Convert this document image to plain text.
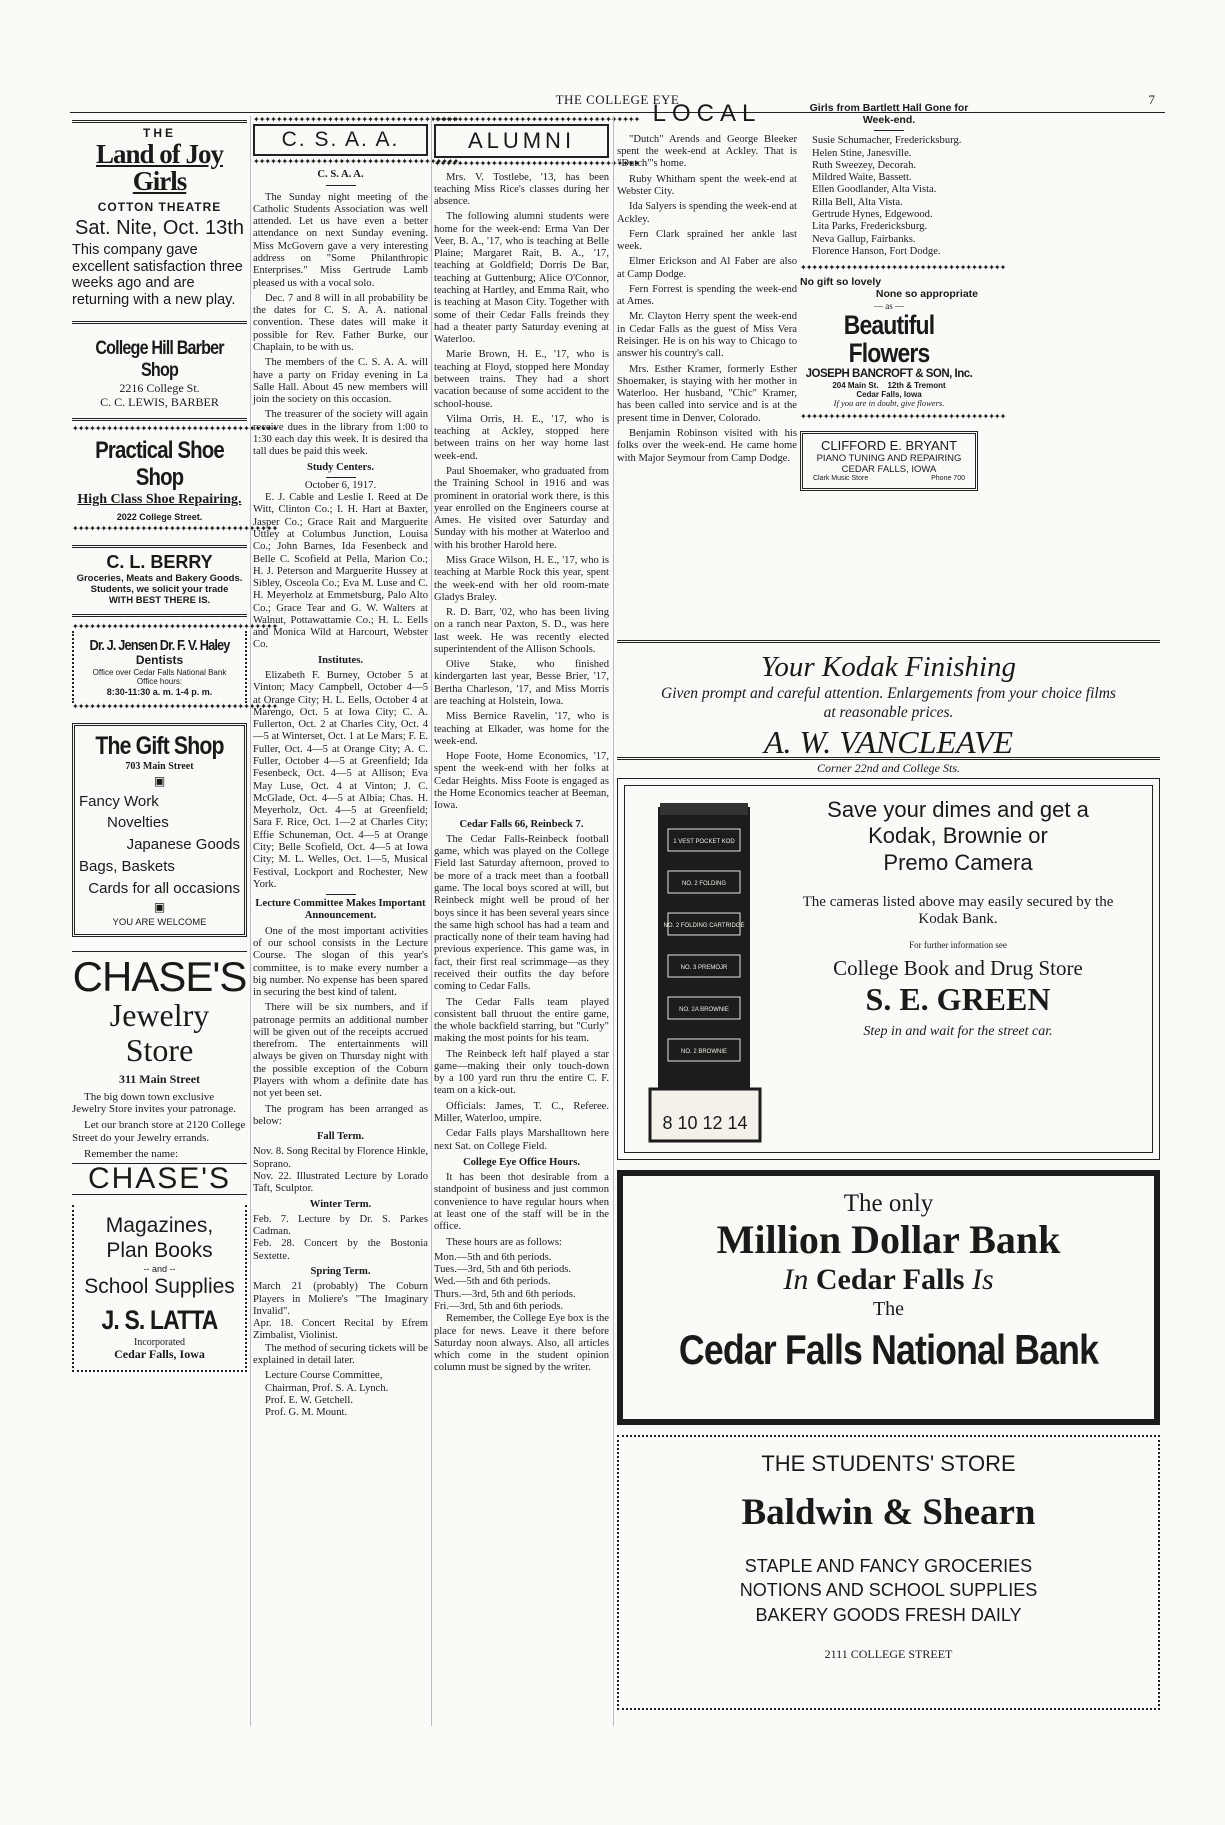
THE COLLEGE EYE	7
THE
Land of Joy Girls
COTTON THEATRE
Sat. Nite, Oct. 13th
This company gave excellent satisfaction three weeks ago and are returning with a new play.
College Hill Barber Shop
2216 College St.
C. C. LEWIS, BARBER
✦✦✦✦✦✦✦✦✦✦✦✦✦✦✦✦✦✦✦✦✦✦✦✦✦✦✦✦✦✦✦✦✦✦✦✦
Practical Shoe Shop
High Class Shoe Repairing.
2022 College Street.
✦✦✦✦✦✦✦✦✦✦✦✦✦✦✦✦✦✦✦✦✦✦✦✦✦✦✦✦✦✦✦✦✦✦✦✦
C. L. BERRY
Groceries, Meats and Bakery Goods. Students, we solicit your trade
WITH BEST THERE IS.
✦✦✦✦✦✦✦✦✦✦✦✦✦✦✦✦✦✦✦✦✦✦✦✦✦✦✦✦✦✦✦✦✦✦✦✦
Dr. J. Jensen Dr. F. V. Haley
Dentists
Office over Cedar Falls National Bank
Office hours:
8:30-11:30 a. m. 1-4 p. m.
✦✦✦✦✦✦✦✦✦✦✦✦✦✦✦✦✦✦✦✦✦✦✦✦✦✦✦✦✦✦✦✦✦✦✦✦
The Gift Shop
703 Main Street
▣
Fancy Work
Novelties
Japanese Goods
Bags, Baskets
Cards for all occasions
▣
YOU ARE WELCOME
CHASE'S
Jewelry Store
311 Main Street

The big down town exclusive Jewelry Store invites your patronage.

Let our branch store at 2120 College Street do your Jewelry errands.

Remember the name:

CHASE'S
Magazines,
Plan Books
-- and --
School Supplies
J. S. LATTA
Incorporated
Cedar Falls, Iowa
✦✦✦✦✦✦✦✦✦✦✦✦✦✦✦✦✦✦✦✦✦✦✦✦✦✦✦✦✦✦✦✦✦✦✦✦
C. S. A. A.
✦✦✦✦✦✦✦✦✦✦✦✦✦✦✦✦✦✦✦✦✦✦✦✦✦✦✦✦✦✦✦✦✦✦✦✦
C. S. A. A.

The Sunday night meeting of the Catholic Students Association was well attended. Let us have even a better attendance on next Sunday evening. Miss McGovern gave a very interesting address on "Some Philanthropic Enterprises." Miss Gertrude Lamb pleased us with a vocal solo.

Dec. 7 and 8 will in all probability be the dates for C. S. A. A. national convention. These dates will make it possible for Rev. Father Burke, our Chaplain, to be with us.

The members of the C. S. A. A. will have a party on Friday evening in La Salle Hall. About 45 new members will join the society on this occasion.

The treasurer of the society will again receive dues in the library from 1:00 to 1:30 each day this week. It is desired tha tall dues be paid this week.

Study Centers.
October 6, 1917.

E. J. Cable and Leslie I. Reed at De Witt, Clinton Co.; I. H. Hart at Baxter, Jasper Co.; Grace Rait and Marguerite Uttley at Columbus Junction, Louisa Co.; John Barnes, Ida Fesenbeck and Belle C. Scofield at Pella, Marion Co.; H. J. Peterson and Marguerite Hussey at Sibley, Osceola Co.; Eva M. Luse and C. H. Meyerholz at Emmetsburg, Palo Alto Co.; Grace Tear and G. W. Walters at Walnut, Pottawattamie Co.; H. L. Eells and Monica Wild at Harcourt, Webster Co.

Institutes.

Elizabeth F. Burney, October 5 at Vinton; Macy Campbell, October 4—5 at Orange City; H. L. Eells, October 4 at Marengo, Oct. 5 at Iowa City; C. A. Fullerton, Oct. 2 at Charles City, Oct. 4—5 at Winterset, Oct. 1 at Le Mars; F. E. Fuller, Oct. 4—5 at Orange City; A. C. Fuller, October 4—5 at Greenfield; Ida Fesenbeck, Oct. 4—5 at Allison; Eva May Luse, Oct. 4 at Vinton; J. C. McGlade, Oct. 4—5 at Albia; Chas. H. Meyerholz, Oct. 4—5 at Greenfield; Sara F. Rice, Oct. 1—2 at Charles City; Effie Schuneman, Oct. 4—5 at Orange City; Belle Scofield, Oct. 4—5 at Iowa City; M. L. Welles, Oct. 1—5, Musical Festival, Lockport and Rochester, New York.

Lecture Committee Makes Important Announcement.

One of the most important activities of our school consists in the Lecture Course. The slogan of this year's committee, is to make every number a big number. No expense has been spared in securing the best kind of talent.

There will be six numbers, and if patronage permits an additional number will be given out of the receipts accrued therefrom. The entertainments will always be given on Thursday night with the possible exception of the Coburn Players with whom a definite date has not yet been set.

The program has been arranged as below:

Fall Term.
Nov. 8. Song Recital by Florence Hinkle, Soprano.
Nov. 22. Illustrated Lecture by Lorado Taft, Sculptor.
Winter Term.
Feb. 7. Lecture by Dr. S. Parkes Cadman.
Feb. 28. Concert by the Bostonia Sextette.
Spring Term.
March 21 (probably) The Coburn Players in Moliere's "The Imaginary Invalid".
Apr. 18. Concert Recital by Efrem Zimbalist, Violinist.

The method of securing tickets will be explained in detail later.

Lecture Course Committee,
Chairman, Prof. S. A. Lynch.
Prof. E. W. Getchell.
Prof. G. M. Mount.
✦✦✦✦✦✦✦✦✦✦✦✦✦✦✦✦✦✦✦✦✦✦✦✦✦✦✦✦✦✦✦✦✦✦✦✦
ALUMNI
✦✦✦✦✦✦✦✦✦✦✦✦✦✦✦✦✦✦✦✦✦✦✦✦✦✦✦✦✦✦✦✦✦✦✦✦

Mrs. V. Tostlebe, '13, has been teaching Miss Rice's classes during her absence.

The following alumni students were home for the week-end: Erma Van Der Veer, B. A., '17, who is teaching at Belle Plaine; Margaret Rait, B. A., '17, teaching at Goldfield; Dorris De Bar, teaching at Guttenburg; Alice O'Connor, teaching at Hartley, and Emma Rait, who is teaching at Mason City. Together with some of their Cedar Falls freinds they had a theater party Saturday evening at Waterloo.

Marie Brown, H. E., '17, who is teaching at Floyd, stopped here Monday between trains. They had a short vacation because of some accident to the school-house.

Vilma Orris, H. E., '17, who is teaching at Ackley, stopped here between trains on her way home last week-end.

Paul Shoemaker, who graduated from the Training School in 1916 and was prominent in oratorial work there, is this year enrolled on the Engineers course at Ames. He visited over Saturday and Sunday with his mother at Waterloo and with his brother Harold here.

Miss Grace Wilson, H. E., '17, who is teaching at Marble Rock this year, spent the week-end with her old room-mate Gladys Braley.

R. D. Barr, '02, who has been living on a ranch near Paxton, S. D., was here last week. He was recently elected superintendent of the Allison Schools.

Olive Stake, who finished kindergarten last year, Besse Brier, '17, Bertha Charleson, '17, and Miss Morris are teaching at Holstein, Iowa.

Miss Bernice Ravelin, '17, who is teaching at Elkader, was home for the week-end.

Hope Foote, Home Economics, '17, spent the week-end with her folks at Cedar Heights. Miss Foote is engaged as the Home Economics teacher at Beeman, Iowa.

Cedar Falls 66, Reinbeck 7.

The Cedar Falls-Reinbeck football game, which was played on the College Field last Saturday afternoon, proved to be more of a track meet than a football game. The local boys scored at will, but Reinbeck might well be proud of her boys since it has been several years since the same high school has had a team and practically none of their team having had previous experience. This game was, in fact, their first real scrimmage—as they received their outfits the day before coming to Cedar Falls.

The Cedar Falls team played consistent ball thruout the entire game, the whole backfield starring, but "Curly" making the most points for his team.

The Reinbeck left half played a star game—making their only touch-down by a 100 yard run thru the entire C. F. team on a kick-out.

Officials: James, T. C., Referee. Miller, Waterloo, umpire.

Cedar Falls plays Marshalltown here next Sat. on College Field.

College Eye Office Hours.

It has been thot desirable from a standpoint of business and just common convenience to have regular hours when at least one of the staff will be in the office.

These hours are as follows:

Mon.—5th and 6th periods.
Tues.—3rd, 5th and 6th periods.
Wed.—5th and 6th periods.
Thurs.—3rd, 5th and 6th periods.
Fri.—3rd, 5th and 6th periods.

Remember, the College Eye box is the place for news. Leave it there before Saturday noon always. Also, all articles which come in the student opinion column must be signed by the writer.

LOCAL

"Dutch" Arends and George Bleeker spent the week-end at Ackley. That is "Dutch"'s home.

Ruby Whitham spent the week-end at Webster City.

Ida Salyers is spending the week-end at Ackley.

Fern Clark sprained her ankle last week.

Elmer Erickson and Al Faber are also at Camp Dodge.

Fern Forrest is spending the week-end at Ames.

Mr. Clayton Herry spent the week-end in Cedar Falls as the guest of Miss Vera Reisinger. He is on his way to Chicago to answer his country's call.

Mrs. Esther Kramer, formerly Esther Shoemaker, is staying with her mother in Waterloo. Her husband, "Chic" Kramer, has been called into service and is at the present time in Denver, Colorado.

Benjamin Robinson visited with his folks over the week-end. He came home with Major Seymour from Camp Dodge.

Girls from Bartlett Hall Gone for Week-end.
Susie Schumacher, Fredericksburg.
Helen Stine, Janesville.
Ruth Sweezey, Decorah.
Mildred Waite, Bassett.
Ellen Goodlander, Alta Vista.
Rilla Bell, Alta Vista.
Gertrude Hynes, Edgewood.
Lita Parks, Fredericksburg.
Neva Gallup, Fairbanks.
Florence Hanson, Fort Dodge.
✦✦✦✦✦✦✦✦✦✦✦✦✦✦✦✦✦✦✦✦✦✦✦✦✦✦✦✦✦✦✦✦✦✦✦✦
No gift so lovely
None so appropriate
— as —
Beautiful Flowers
JOSEPH BANCROFT & SON, Inc.
204 Main St. 12th & Tremont
Cedar Falls, Iowa
If you are in doubt, give flowers.
✦✦✦✦✦✦✦✦✦✦✦✦✦✦✦✦✦✦✦✦✦✦✦✦✦✦✦✦✦✦✦✦✦✦✦✦
CLIFFORD E. BRYANT
PIANO TUNING AND REPAIRING
CEDAR FALLS, IOWA
Clark Music Store	Phone 700
Your Kodak Finishing
Given prompt and careful attention. Enlargements from your choice films at reasonable prices.
A. W. VANCLEAVE
Corner 22nd and College Sts.
1 VEST POCKET KOD
NO. 2 FOLDING
NO. 2 FOLDING CARTRIDGE
NO. 3 PREMOJR
NO. 2A BROWNIE
NO. 2 BROWNIE
8 10 12 14
Save your dimes and get a
Kodak, Brownie or
Premo Camera
The cameras listed above may easily secured by the Kodak Bank.
For further information see
College Book and Drug Store
S. E. GREEN
Step in and wait for the street car.
The only
Million Dollar Bank
In Cedar Falls Is
The
Cedar Falls National Bank
THE STUDENTS' STORE
Baldwin & Shearn
STAPLE AND FANCY GROCERIES
NOTIONS AND SCHOOL SUPPLIES
BAKERY GOODS FRESH DAILY
2111 COLLEGE STREET
